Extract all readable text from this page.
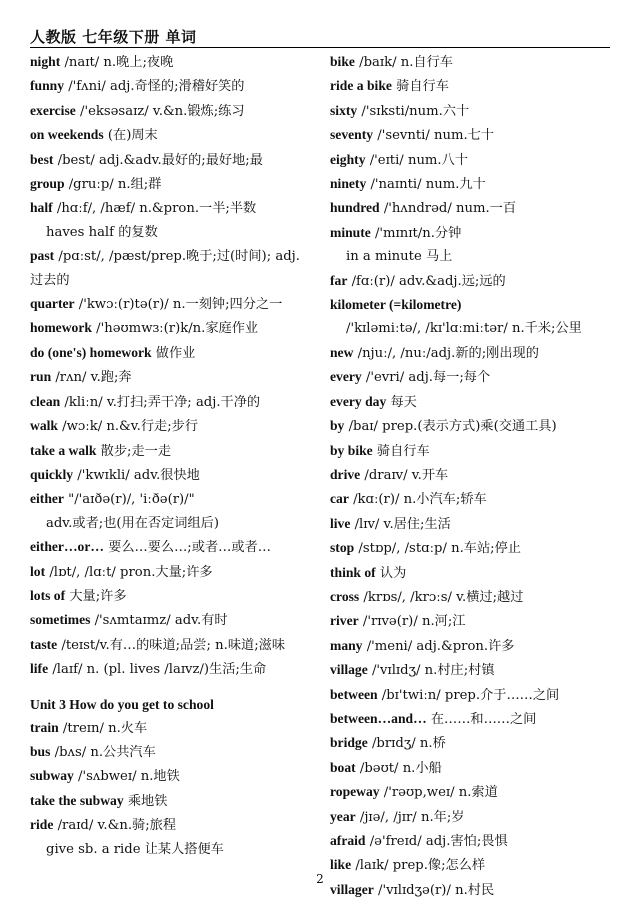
人教版 七年级下册 单词
night /naɪt/ n.晚上;夜晚
funny /'fʌni/ adj.奇怪的;滑稽好笑的
exercise /'eksəsaɪz/ v.&n.锻炼;练习
on weekends (在)周末
best /best/ adj.&adv.最好的;最好地;最
group /gruːp/ n.组;群
half /hɑːf/, /hæf/ n.&pron.一半;半数
haves half 的复数
past /pɑːst/, /pæst/prep.晚于;过(时间); adj.过去的
quarter /'kwɔː(r)tə(r)/ n.一刻钟;四分之一
homework /'həʊmwɜː(r)k/n.家庭作业
do (one's) homework 做作业
run /rʌn/ v.跑;奔
clean /kliːn/ v.打扫;弄干净; adj.干净的
walk /wɔːk/ n.&v.行走;步行
take a walk 散步;走一走
quickly /'kwɪkli/ adv.很快地
either "/'aɪðə(r)/, 'iːðə(r)/"
adv.或者;也(用在否定词组后)
either…or… 要么…要么…;或者…或者…
lot /lɒt/, /lɑːt/ pron.大量;许多
lots of 大量;许多
sometimes /'sʌmtaɪmz/ adv.有时
taste /teɪst/v.有…的味道;品尝; n.味道;滋味
life /laɪf/ n. (pl. lives /laɪvz/)生活;生命
Unit 3 How do you get to school
train /treɪn/ n.火车
bus /bʌs/ n.公共汽车
subway /'sʌbweɪ/ n.地铁
take the subway 乘地铁
ride /raɪd/ v.&n.骑;旅程
give sb. a ride 让某人搭便车
bike /baɪk/ n.自行车
ride a bike 骑自行车
sixty /'sɪksti/num.六十
seventy /'sevnti/ num.七十
eighty /'eɪti/ num.八十
ninety /'naɪnti/ num.九十
hundred /'hʌndrəd/ num.一百
minute /'mɪnɪt/n.分钟
in a minute 马上
far /fɑː(r)/ adv.&adj.远;远的
kilometer (=kilometre)
/'kɪləmiːtə/, /kɪ'lɑːmiːtər/ n.千米;公里
new /njuː/, /nuː/adj.新的;刚出现的
every /'evri/ adj.每一;每个
every day 每天
by /baɪ/ prep.(表示方式)乘(交通工具)
by bike 骑自行车
drive /draɪv/ v.开车
car /kɑː(r)/ n.小汽车;轿车
live /lɪv/ v.居住;生活
stop /stɒp/, /stɑːp/ n.车站;停止
think of 认为
cross /krɒs/, /krɔːs/ v.横过;越过
river /'rɪvə(r)/ n.河;江
many /'meni/ adj.&pron.许多
village /'vɪlɪdʒ/ n.村庄;村镇
between /bɪ'twiːn/ prep.介于……之间
between…and… 在……和……之间
bridge /brɪdʒ/ n.桥
boat /bəʊt/ n.小船
ropeway /'rəʊp,weɪ/ n.索道
year /jɪə/, /jɪr/ n.年;岁
afraid /ə'freɪd/ adj.害怕;畏惧
like /laɪk/ prep.像;怎么样
villager /'vɪlɪdʒə(r)/ n.村民
2
